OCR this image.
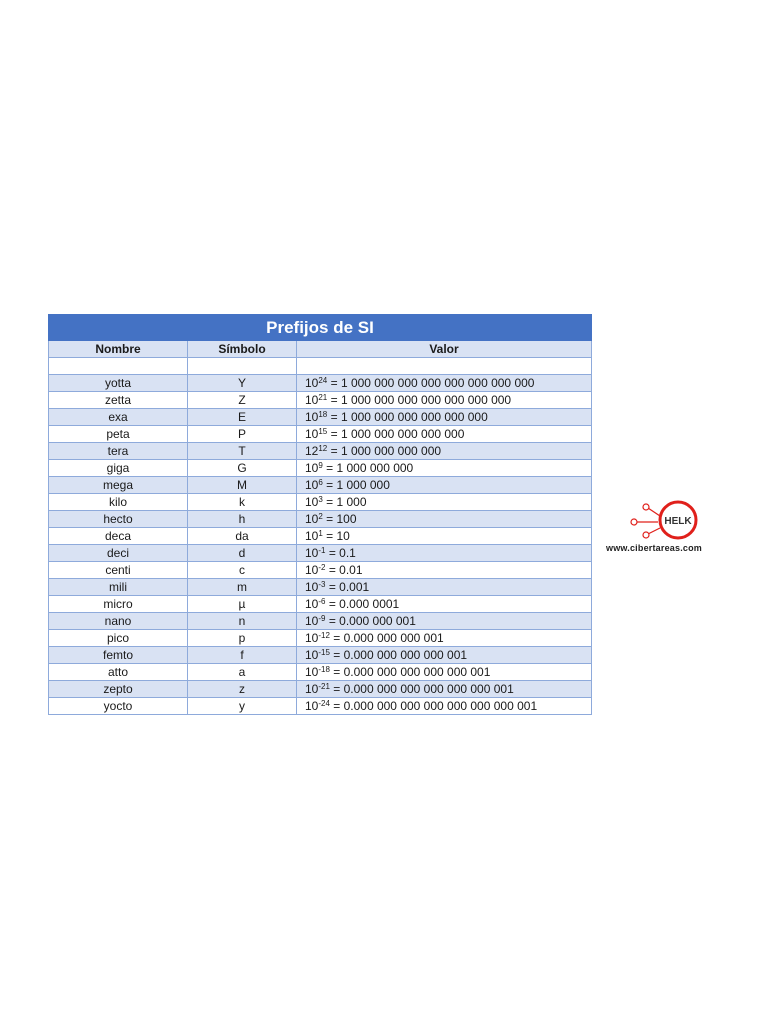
Prefijos de SI		
Nombre	Símbolo	Valor

yotta	Y	$10^{24} = 1$ 000 000 000 000 000 000 000 000
zetta	Z	$10^{21} = 1$ 000 000 000 000 000 000 000
exa	E	$10^{18} = 1$ 000 000 000 000 000 000
peta	P	$10^{15} = 1$ 000 000 000 000 000
tera	T	$12^{12} = 1$ 000 000 000 000
giga	G	$10^9 = 1$ 000 000 000
mega	M	$10^6 = 1$ 000 000
kilo	k	$10^3 = 1$ 000
hecto	h	$10^2 = 100$
deca	da	$10^1 = 10$
deci	d	$10^{-1} = 0.1$
centi	c	$10^{-2} = 0.01$
mili	m	$10^{-3} = 0.001$
micro	µ	$10^{-6} = 0.000$ 0001
nano	n	$10^{-9} = 0.000$ 000 001
pico	p	$10^{-12} = 0.000$ 000 000 001
femto	f	$10^{-15} = 0.000$ 000 000 000 001
atto	a	$10^{-18} = 0.000$ 000 000 000 000 001
zepto	z	$10^{-21} = 0.000$ 000 000 000 000 000 001
yocto	y	$10^{-24} = 0.000$ 000 000 000 000 000 000 001
HELK
www.cibertareas.com
